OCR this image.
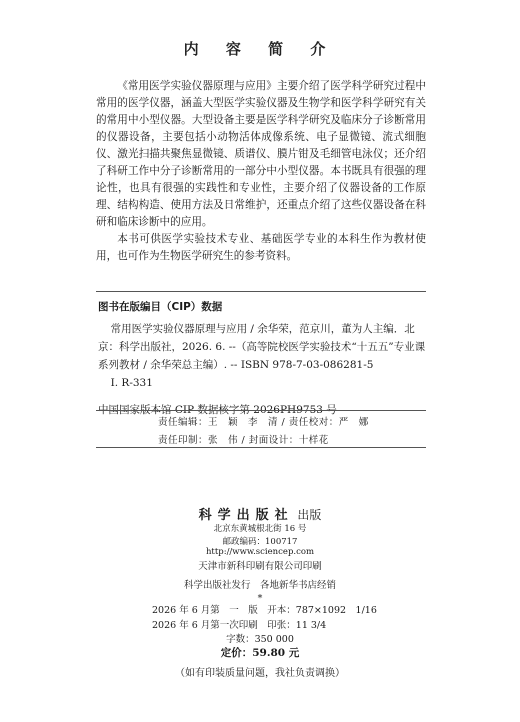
内 容 简 介

《常用医学实验仪器原理与应用》主要介绍了医学科学研究过程中常用的医学仪器，涵盖大型医学实验仪器及生物学和医学科学研究有关的常用中小型仪器。大型设备主要是医学科学研究及临床分子诊断常用的仪器设备，主要包括小动物活体成像系统、电子显微镜、流式细胞仪、激光扫描共聚焦显微镜、质谱仪、膜片钳及毛细管电泳仪；还介绍了科研工作中分子诊断常用的一部分中小型仪器。本书既具有很强的理论性，也具有很强的实践性和专业性，主要介绍了仪器设备的工作原理、结构构造、使用方法及日常维护，还重点介绍了这些仪器设备在科研和临床诊断中的应用。

本书可供医学实验技术专业、基础医学专业的本科生作为教材使用，也可作为生物医学研究生的参考资料。

图书在版编目（CIP）数据

常用医学实验仪器原理与应用 / 余华荣，范京川，董为人主编．北京：科学出版社，2026. 6. --（高等院校医学实验技术“十五五”专业课系列教材 / 余华荣总主编）. -- ISBN 978-7-03-086281-5

Ⅰ. R-331

中国国家版本馆 CIP 数据核字第 2026PH9753 号

责任编辑：王　颖　李　清 / 责任校对：严　娜
责任印制：张　伟 / 封面设计：十样花
科学出版社 出版
北京东黄城根北街 16 号
邮政编码：100717
http://www.sciencep.com
天津市新科印刷有限公司印刷
科学出版社发行　各地新华书店经销
*
2026 年 6 月第　一　版　开本：787×1092　1/16
2026 年 6 月第一次印刷　印张：11 3/4
字数：350 000
定价：59.80 元
（如有印装质量问题，我社负责调换）
